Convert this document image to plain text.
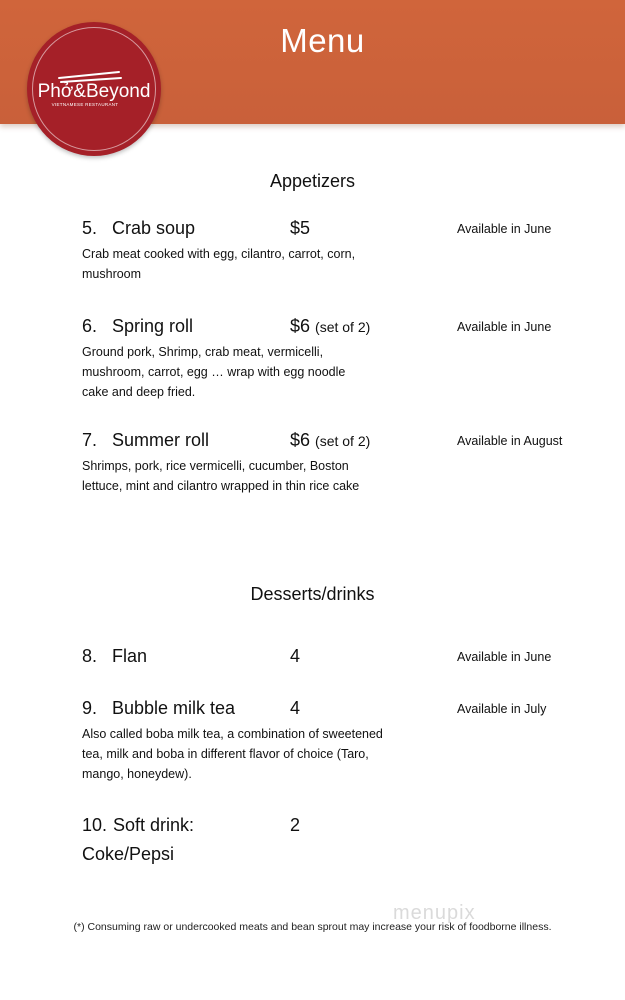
Menu
Phở&Beyond
VIETNAMESE RESTAURANT
Appetizers
5. Crab soup	$5	Available in June
Crab meat cooked with egg, cilantro, carrot, corn,
mushroom
6. Spring roll	$6 (set of 2)	Available in June
Ground pork, Shrimp, crab meat, vermicelli,
mushroom, carrot, egg … wrap with egg noodle
cake and deep fried.
7. Summer roll	$6 (set of 2)	Available in August
Shrimps, pork, rice vermicelli, cucumber, Boston
lettuce, mint and cilantro wrapped in thin rice cake
Desserts/drinks
8. Flan	4	Available in June
9. Bubble milk tea	4	Available in July
Also called boba milk tea, a combination of sweetened
tea, milk and boba in different flavor of choice (Taro,
mango, honeydew).
10. Soft drink:	2
Coke/Pepsi
menupix
(*) Consuming raw or undercooked meats and bean sprout may increase your risk of foodborne illness.
